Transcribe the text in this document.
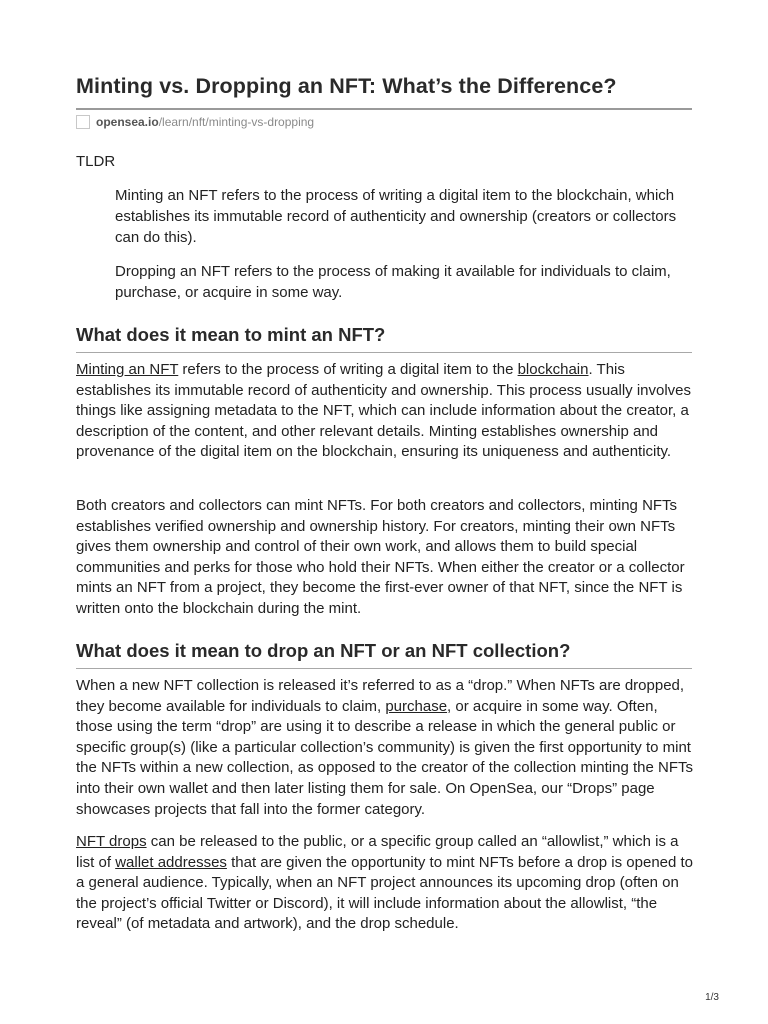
Minting vs. Dropping an NFT: What’s the Difference?
opensea.io /learn/nft/minting-vs-dropping
TLDR

Minting an NFT refers to the process of writing a digital item to the blockchain, which establishes its immutable record of authenticity and ownership (creators or collectors can do this).

Dropping an NFT refers to the process of making it available for individuals to claim, purchase, or acquire in some way.

What does it mean to mint an NFT?

Minting an NFT refers to the process of writing a digital item to the blockchain. This establishes its immutable record of authenticity and ownership. This process usually involves things like assigning metadata to the NFT, which can include information about the creator, a description of the content, and other relevant details. Minting establishes ownership and provenance of the digital item on the blockchain, ensuring its uniqueness and authenticity.

Both creators and collectors can mint NFTs. For both creators and collectors, minting NFTs establishes verified ownership and ownership history. For creators, minting their own NFTs gives them ownership and control of their own work, and allows them to build special communities and perks for those who hold their NFTs. When either the creator or a collector mints an NFT from a project, they become the first-ever owner of that NFT, since the NFT is written onto the blockchain during the mint.

What does it mean to drop an NFT or an NFT collection?

When a new NFT collection is released it’s referred to as a “drop.” When NFTs are dropped, they become available for individuals to claim, purchase, or acquire in some way. Often, those using the term “drop” are using it to describe a release in which the general public or specific group(s) (like a particular collection’s community) is given the first opportunity to mint the NFTs within a new collection, as opposed to the creator of the collection minting the NFTs into their own wallet and then later listing them for sale. On OpenSea, our “Drops” page showcases projects that fall into the former category.

NFT drops can be released to the public, or a specific group called an “allowlist,” which is a list of wallet addresses that are given the opportunity to mint NFTs before a drop is opened to a general audience. Typically, when an NFT project announces its upcoming drop (often on the project’s official Twitter or Discord), it will include information about the allowlist, “the reveal” (of metadata and artwork), and the drop schedule.

1/3
